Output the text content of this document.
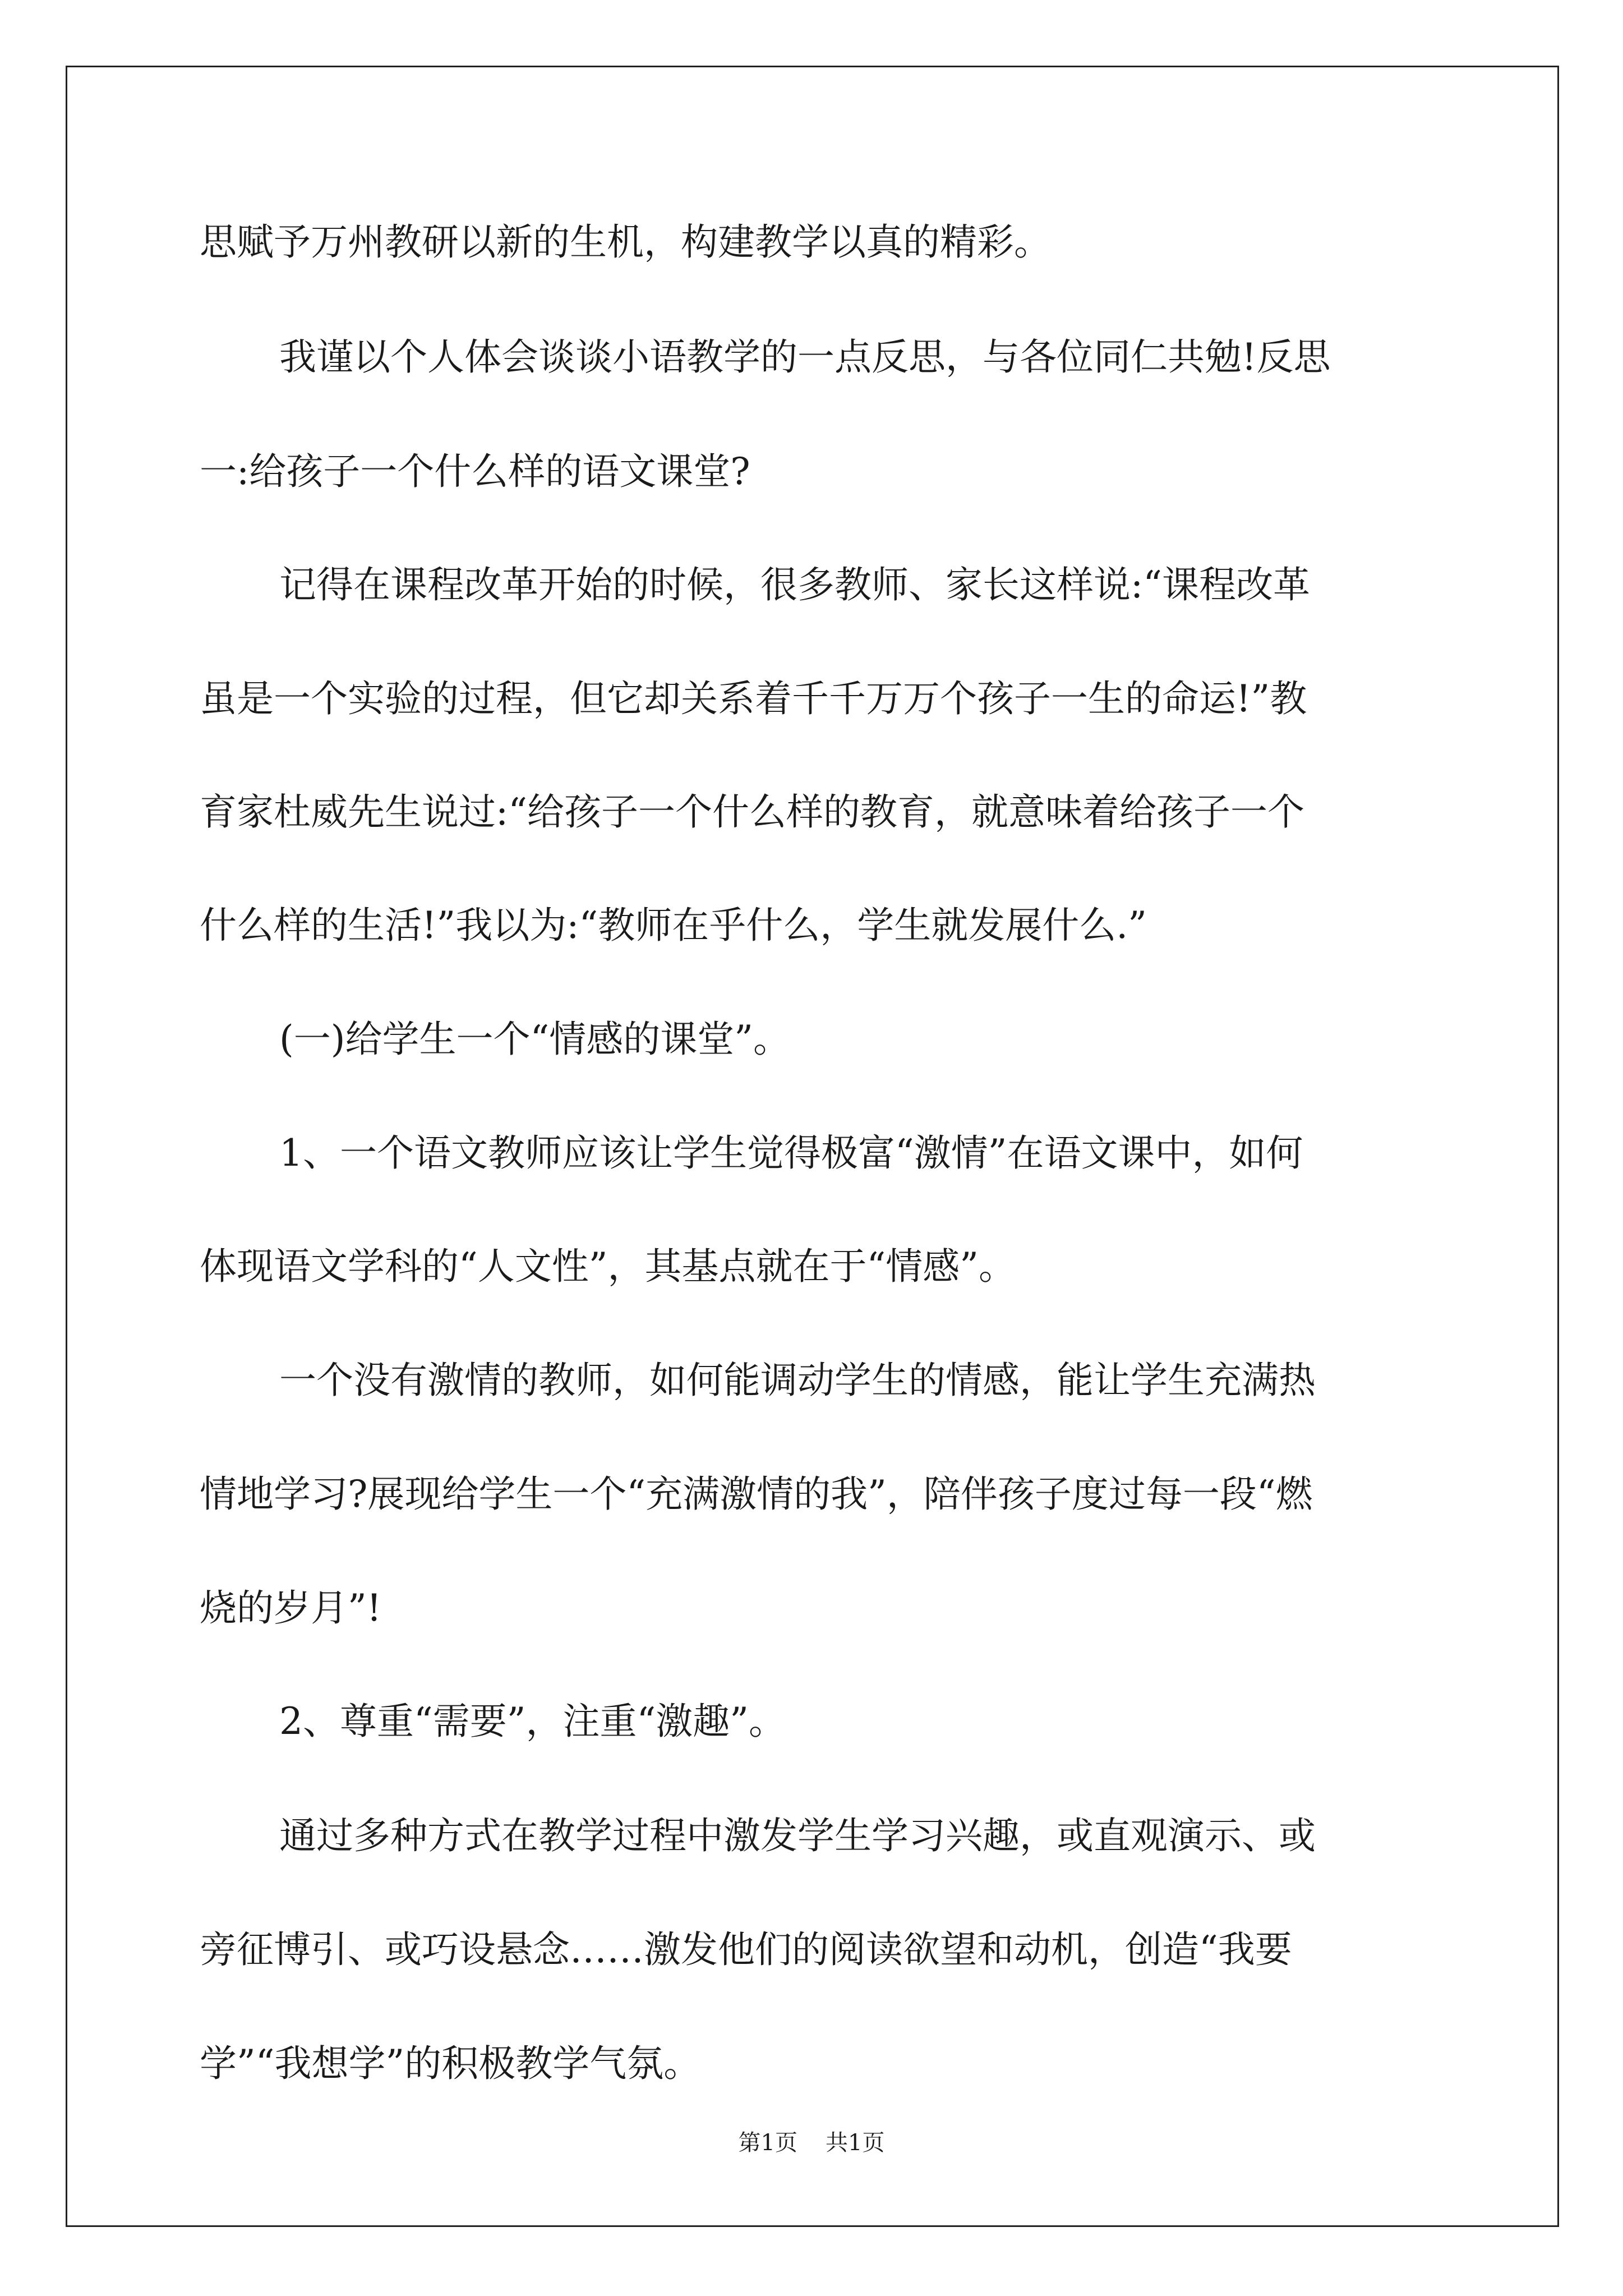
思赋予万州教研以新的生机，构建教学以真的精彩。
我谨以个人体会谈谈小语教学的一点反思，与各位同仁共勉!反思
一:给孩子一个什么样的语文课堂?
记得在课程改革开始的时候，很多教师、家长这样说:“课程改革
虽是一个实验的过程，但它却关系着千千万万个孩子一生的命运!”教
育家杜威先生说过:“给孩子一个什么样的教育，就意味着给孩子一个
什么样的生活!”我以为:“教师在乎什么，学生就发展什么.”
(一)给学生一个“情感的课堂”。
1、一个语文教师应该让学生觉得极富“激情”在语文课中，如何
体现语文学科的“人文性”，其基点就在于“情感”。
一个没有激情的教师，如何能调动学生的情感，能让学生充满热
情地学习?展现给学生一个“充满激情的我”，陪伴孩子度过每一段“燃
烧的岁月”!
2、尊重“需要”，注重“激趣”。
通过多种方式在教学过程中激发学生学习兴趣，或直观演示、或
旁征博引、或巧设悬念……激发他们的阅读欲望和动机，创造“我要
学”“我想学”的积极教学气氛。
第1页 共1页
